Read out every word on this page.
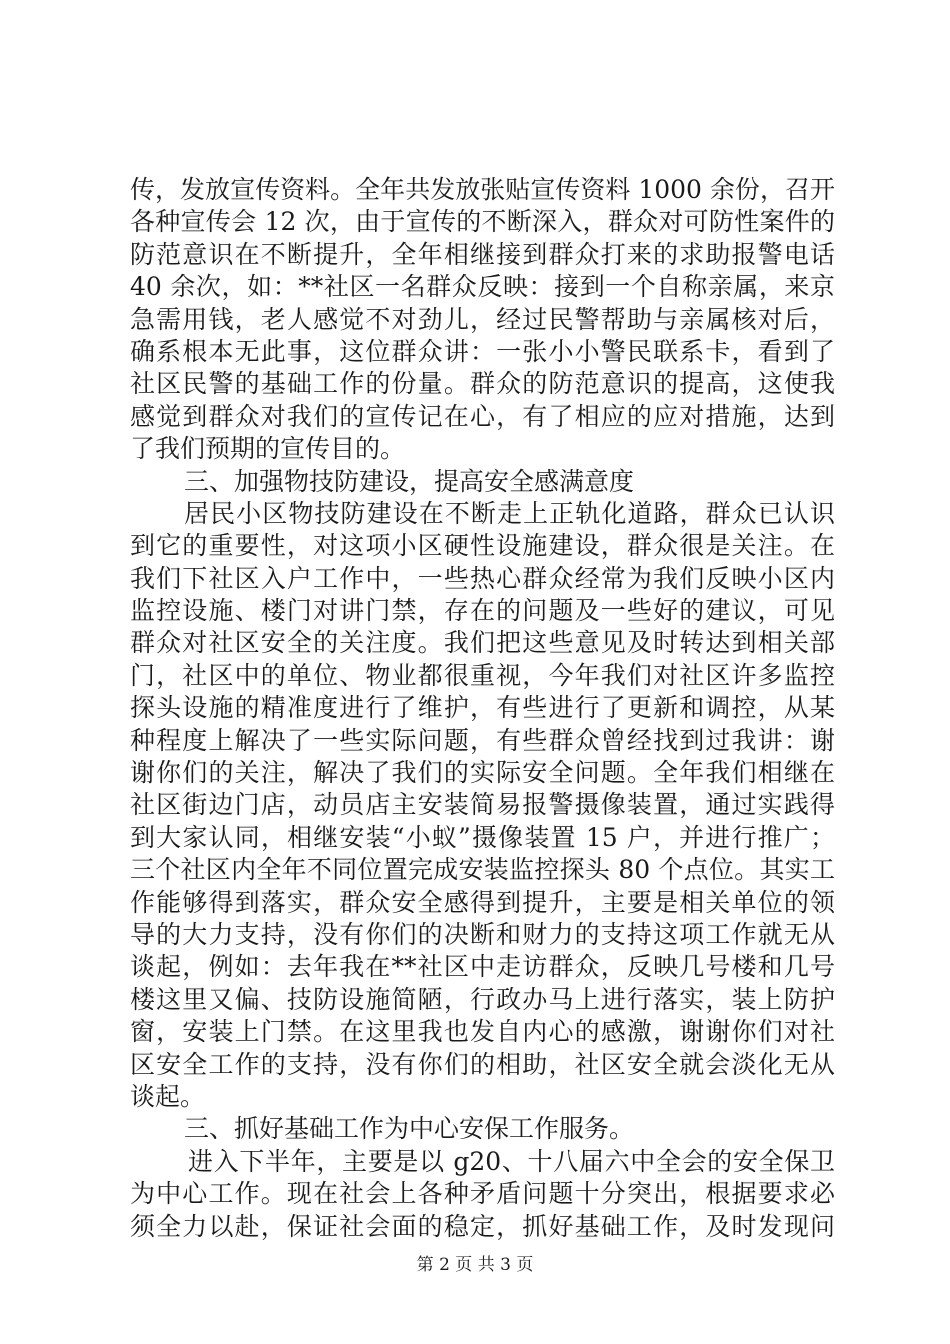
传，发放宣传资料。全年共发放张贴宣传资料 1000 余份，召开
各种宣传会 12 次，由于宣传的不断深入，群众对可防性案件的
防范意识在不断提升，全年相继接到群众打来的求助报警电话
40 余次，如：**社区一名群众反映：接到一个自称亲属，来京
急需用钱，老人感觉不对劲儿，经过民警帮助与亲属核对后，
确系根本无此事，这位群众讲：一张小小警民联系卡，看到了
社区民警的基础工作的份量。群众的防范意识的提高，这使我
感觉到群众对我们的宣传记在心，有了相应的应对措施，达到
了我们预期的宣传目的。
三、加强物技防建设，提高安全感满意度
居民小区物技防建设在不断走上正轨化道路，群众已认识
到它的重要性，对这项小区硬性设施建设，群众很是关注。在
我们下社区入户工作中，一些热心群众经常为我们反映小区内
监控设施、楼门对讲门禁，存在的问题及一些好的建议，可见
群众对社区安全的关注度。我们把这些意见及时转达到相关部
门，社区中的单位、物业都很重视，今年我们对社区许多监控
探头设施的精准度进行了维护，有些进行了更新和调控，从某
种程度上解决了一些实际问题，有些群众曾经找到过我讲：谢
谢你们的关注，解决了我们的实际安全问题。全年我们相继在
社区街边门店，动员店主安装简易报警摄像装置，通过实践得
到大家认同，相继安装“小蚁”摄像装置 15 户，并进行推广；
三个社区内全年不同位置完成安装监控探头 80 个点位。其实工
作能够得到落实，群众安全感得到提升，主要是相关单位的领
导的大力支持，没有你们的决断和财力的支持这项工作就无从
谈起，例如：去年我在**社区中走访群众，反映几号楼和几号
楼这里又偏、技防设施简陋，行政办马上进行落实，装上防护
窗，安装上门禁。在这里我也发自内心的感激，谢谢你们对社
区安全工作的支持，没有你们的相助，社区安全就会淡化无从
谈起。
三、抓好基础工作为中心安保工作服务。
进入下半年，主要是以 g20、十八届六中全会的安全保卫
为中心工作。现在社会上各种矛盾问题十分突出，根据要求必
须全力以赴，保证社会面的稳定，抓好基础工作，及时发现问
第 2 页 共 3 页
